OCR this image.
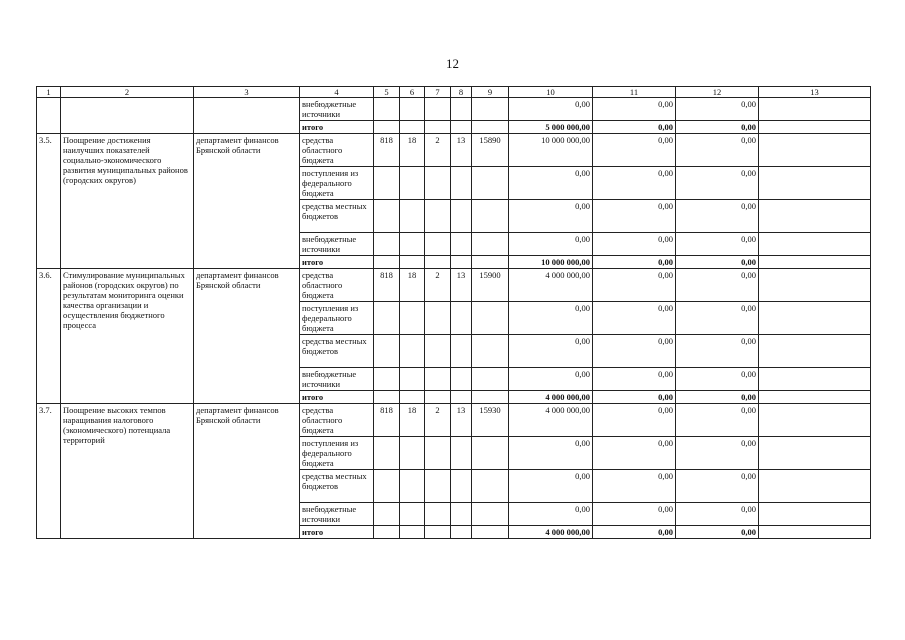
12
1	2	3	4	5	6	7	8	9	10	11	12	13
			внебюджетные источники						0,00	0,00	0,00	
			итого						5 000 000,00	0,00	0,00	
3.5.	Поощрение достижения наилучших показателей социально-экономического развития муниципальных районов (городских округов)	департамент финансов Брянской области	средства областного бюджета	818	18	2	13	15890	10 000 000,00	0,00	0,00	
			поступления из федерального бюджета						0,00	0,00	0,00	
			средства местных бюджетов						0,00	0,00	0,00	
			внебюджетные источники						0,00	0,00	0,00	
			итого						10 000 000,00	0,00	0,00	
3.6.	Стимулирование муниципальных районов (городских округов) по результатам мониторинга оценки качества организации и осуществления бюджетного процесса	департамент финансов Брянской области	средства областного бюджета	818	18	2	13	15900	4 000 000,00	0,00	0,00	
			поступления из федерального бюджета						0,00	0,00	0,00	
			средства местных бюджетов						0,00	0,00	0,00	
			внебюджетные источники						0,00	0,00	0,00	
			итого						4 000 000,00	0,00	0,00	
3.7.	Поощрение высоких темпов наращивания налогового (экономического) потенциала территорий	департамент финансов Брянской области	средства областного бюджета	818	18	2	13	15930	4 000 000,00	0,00	0,00	
			поступления из федерального бюджета						0,00	0,00	0,00	
			средства местных бюджетов						0,00	0,00	0,00	
			внебюджетные источники						0,00	0,00	0,00	
			итого						4 000 000,00	0,00	0,00	
